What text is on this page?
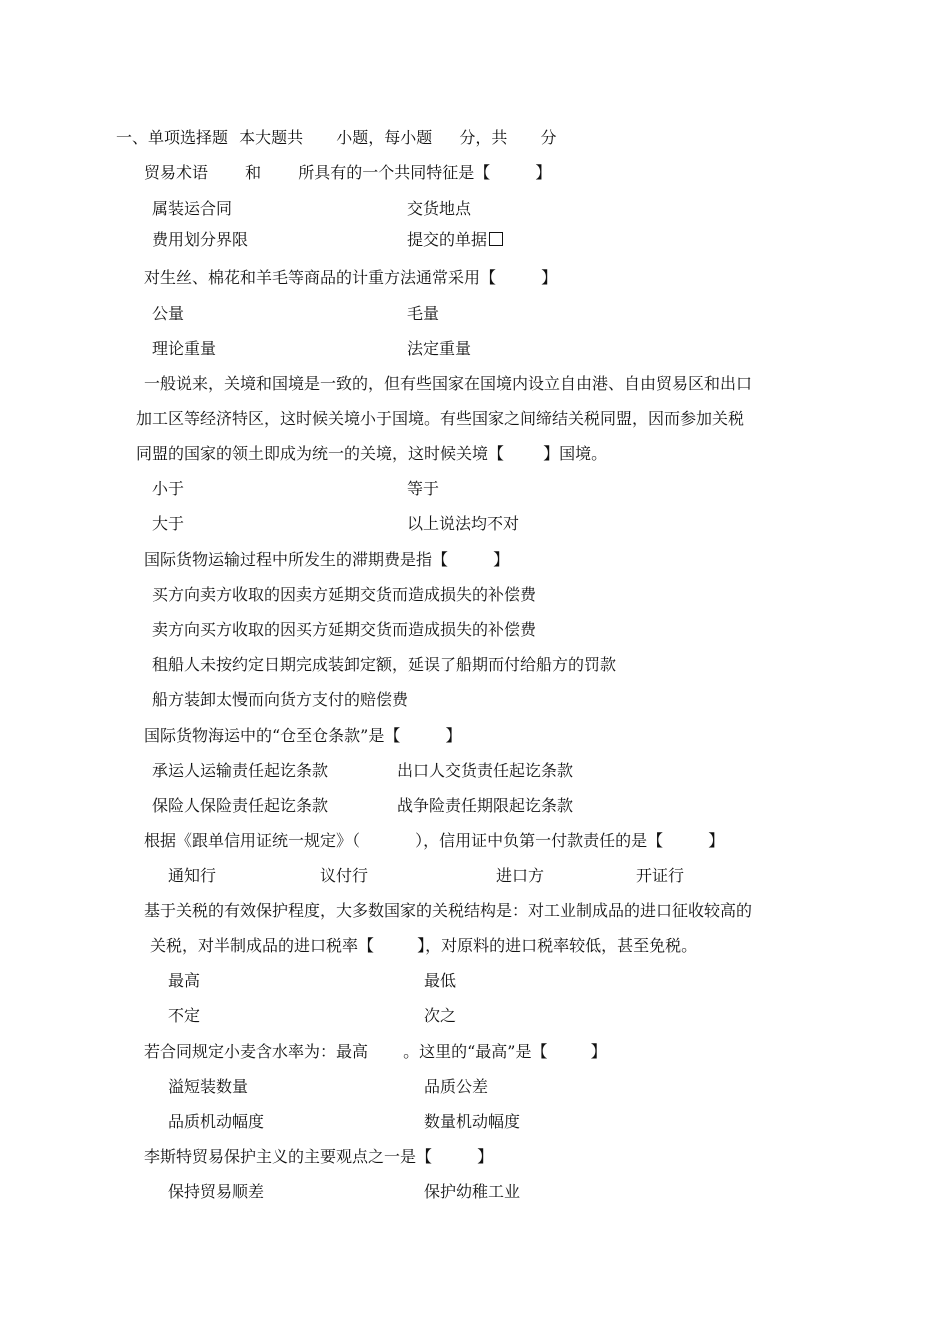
一、单项选择题 本大题共 小题，每小题 分，共 分
贸易术语 和 所具有的一个共同特征是【	】
属装运合同	交货地点
费用划分界限	提交的单据
对生丝、棉花和羊毛等商品的计重方法通常采用【	】
公量	毛量
理论重量	法定重量
一般说来，关境和国境是一致的，但有些国家在国境内设立自由港、自由贸易区和出口
加工区等经济特区，这时候关境小于国境。有些国家之间缔结关税同盟，因而参加关税
同盟的国家的领土即成为统一的关境，这时候关境【 】国境。
小于	等于
大于	以上说法均不对
国际货物运输过程中所发生的滞期费是指【	】
买方向卖方收取的因卖方延期交货而造成损失的补偿费
卖方向买方收取的因买方延期交货而造成损失的补偿费
租船人未按约定日期完成装卸定额，延误了船期而付给船方的罚款
船方装卸太慢而向货方支付的赔偿费
国际货物海运中的“仓至仓条款”是【	】
承运人运输责任起讫条款	出口人交货责任起讫条款
保险人保险责任起讫条款	战争险责任期限起讫条款
根据《跟单信用证统一规定》（	），信用证中负第一付款责任的是【	】
通知行	议付行	进口方	开证行
基于关税的有效保护程度，大多数国家的关税结构是：对工业制成品的进口征收较高的
关税，对半制成品的进口税率【	】，对原料的进口税率较低，甚至免税。
最高	最低
不定	次之
若合同规定小麦含水率为：最高 。这里的“最高”是【	】
溢短装数量	品质公差
品质机动幅度	数量机动幅度
李斯特贸易保护主义的主要观点之一是【	】
保持贸易顺差	保护幼稚工业
